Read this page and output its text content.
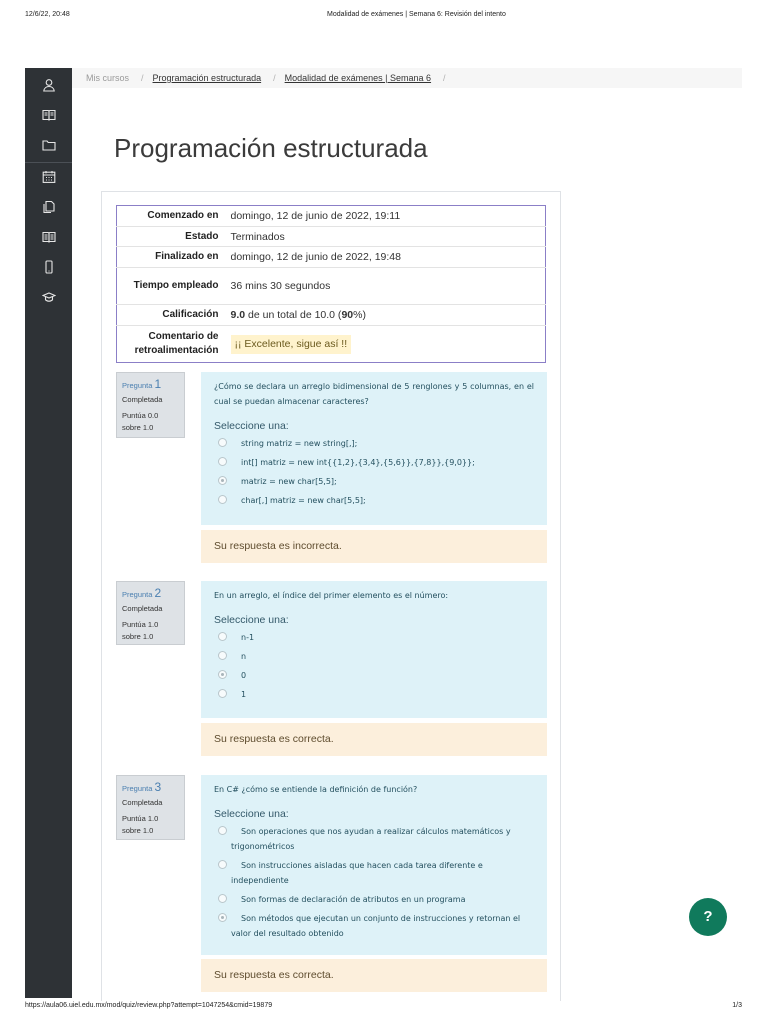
12/6/22, 20:48	Modalidad de exámenes | Semana 6: Revisión del intento
https://aula06.uiel.edu.mx/mod/quiz/review.php?attempt=1047254&cmid=19879	1/3
Mis cursos / Programación estructurada / Modalidad de exámenes | Semana 6 /
Programación estructurada
Comenzado en	domingo, 12 de junio de 2022, 19:11
Estado	Terminados
Finalizado en	domingo, 12 de junio de 2022, 19:48
Tiempo empleado	36 mins 30 segundos
Calificación	9.0 de un total de 10.0 (90%)
Comentario de retroalimentación	¡¡ Excelente, sigue así !!
Pregunta 1
Completada
Puntúa 0.0 sobre 1.0
¿Cómo se declara un arreglo bidimensional de 5 renglones y 5 columnas, en el cual se puedan almacenar caracteres?
Seleccione una:
string matriz = new string[,];
int[] matriz = new int{{1,2},{3,4},{5,6}},{7,8}},{9,0}};
matriz = new char[5,5];
char[,] matriz = new char[5,5];
Su respuesta es incorrecta.
Pregunta 2
Completada
Puntúa 1.0 sobre 1.0
En un arreglo, el índice del primer elemento es el número:
Seleccione una:
n-1
n
0
1
Su respuesta es correcta.
Pregunta 3
Completada
Puntúa 1.0 sobre 1.0
En C# ¿cómo se entiende la definición de función?
Seleccione una:
Son operaciones que nos ayudan a realizar cálculos matemáticos y trigonométricos
Son instrucciones aisladas que hacen cada tarea diferente e independiente
Son formas de declaración de atributos en un programa
Son métodos que ejecutan un conjunto de instrucciones y retornan el valor del resultado obtenido
Su respuesta es correcta.
?
